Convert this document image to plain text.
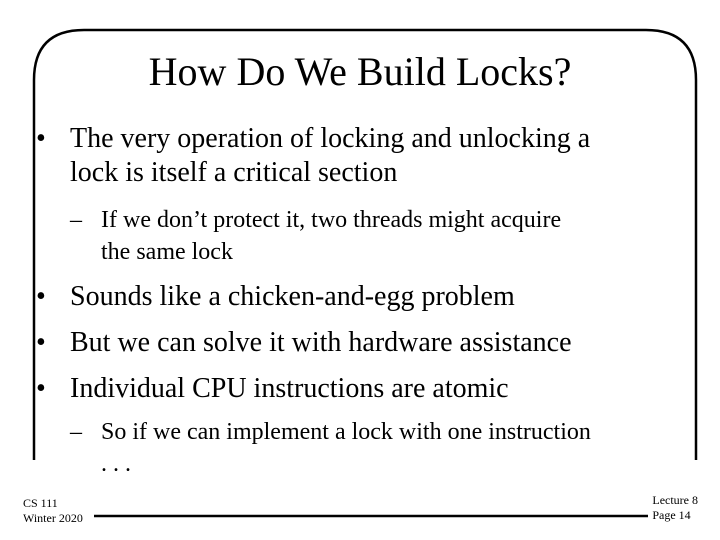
How Do We Build Locks?
• The very operation of locking and unlocking a
lock is itself a critical section
– If we don’t protect it, two threads might acquire
the same lock
• Sounds like a chicken-and-egg problem
• But we can solve it with hardware assistance
• Individual CPU instructions are atomic
– So if we can implement a lock with one instruction
. . .
CS 111
Winter 2020
Lecture 8
Page 14
